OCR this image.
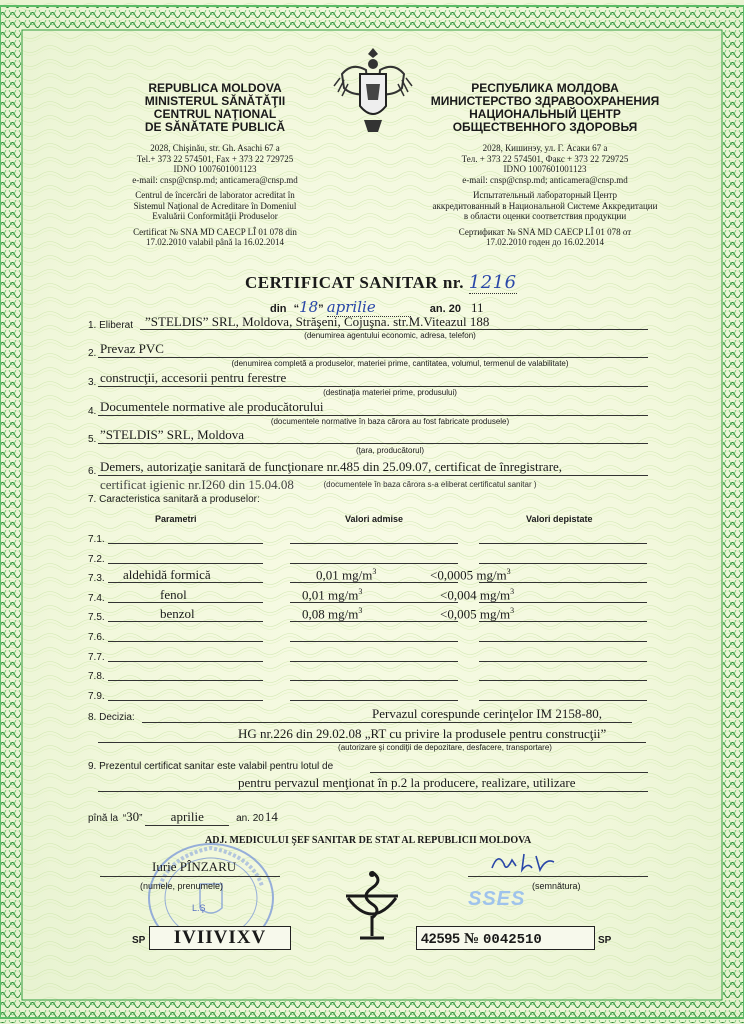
REPUBLICA MOLDOVA
MINISTERUL SĂNĂTĂŢII
CENTRUL NAŢIONAL
DE SĂNĂTATE PUBLICĂ
2028, Chişinău, str. Gh. Asachi 67 a
Tel.+ 373 22 574501, Fax + 373 22 729725
IDNO 1007601001123
e-mail: cnsp@cnsp.md; anticamera@cnsp.md
Centrul de încercări de laborator acreditat în
Sistemul Naţional de Acreditare în Domeniul
Evaluării Conformităţii Produselor
Certificat № SNA MD CAECP LÎ 01 078 din
17.02.2010 valabil până la 16.02.2014
РЕСПУБЛИКА МОЛДОВА
МИНИСТЕРСТВО ЗДРАВООХРАНЕНИЯ
НАЦИОНАЛЬНЫЙ ЦЕНТР
ОБЩЕСТВЕННОГО ЗДОРОВЬЯ
2028, Кишинэу, ул. Г. Асаки 67 а
Тел. + 373 22 574501, Факс + 373 22 729725
IDNO 1007601001123
e-mail: cnsp@cnsp.md; anticamera@cnsp.md
Испытательный лабораторный Центр
аккредитованный в Национальной Системе Аккредитации
в области оценки соответствия продукции
Сертификат № SNA MD CAECP LÎ 01 078 от
17.02.2010 годен до 16.02.2014
CERTIFICAT SANITAR nr. 1216
din “18” aprilie	an. 20 11
1. Eliberat ”STELDIS” SRL, Moldova, Străşeni, Cojuşna. str.M.Viteazul 188
(denumirea agentului economic, adresa, telefon)
2. Prevaz PVC
(denumirea completă a produselor, materiei prime, cantitatea, volumul, termenul de valabilitate)
3. construcţii, accesorii pentru ferestre
(destinaţia materiei prime, produsului)
4. Documentele normative ale producătorului
(documentele normative în baza cărora au fost fabricate produsele)
5. ”STELDIS” SRL, Moldova
(ţara, producătorul)
6. Demers, autorizaţie sanitară de funcţionare nr.485 din 25.09.07, certificat de înregistrare,
certificat igienic nr.I260 din 15.04.08	(documentele în baza cărora s-a eliberat certificatul sanitar )
7. Caracteristica sanitară a produselor:
Parametri	Valori admise	Valori depistate
7.1.
7.2.
7.3. aldehidă formică	0,01 $mg/m^3$	<0,0005 $mg/m^3$
7.4.	fenol	0,01 $mg/m^3$	<0,004 $mg/m^3$
7.5.	benzol	0,08 $mg/m^3$	<0,005 $mg/m^3$
7.6.
7.7.
7.8.
7.9.
8. Decizia:	Pervazul corespunde cerinţelor IM 2158-80,
HG nr.226 din 29.02.08 „RT cu privire la produsele pentru construcţii”
(autorizare şi condiţii de depozitare, desfacere, transportare)
9. Prezentul certificat sanitar este valabil pentru lotul de
pentru pervazul menţionat în p.2 la producere, realizare, utilizare
pînă la “30” aprilie	an. 2014
ADJ. MEDICULUI ŞEF SANITAR DE STAT AL REPUBLICII MOLDOVA
Iurie PÎNZARU
(numele, prenumele)
L.Ş
(semnătura)
SSES
SP	IVIIVIXV	42595 № 0042510	SP
